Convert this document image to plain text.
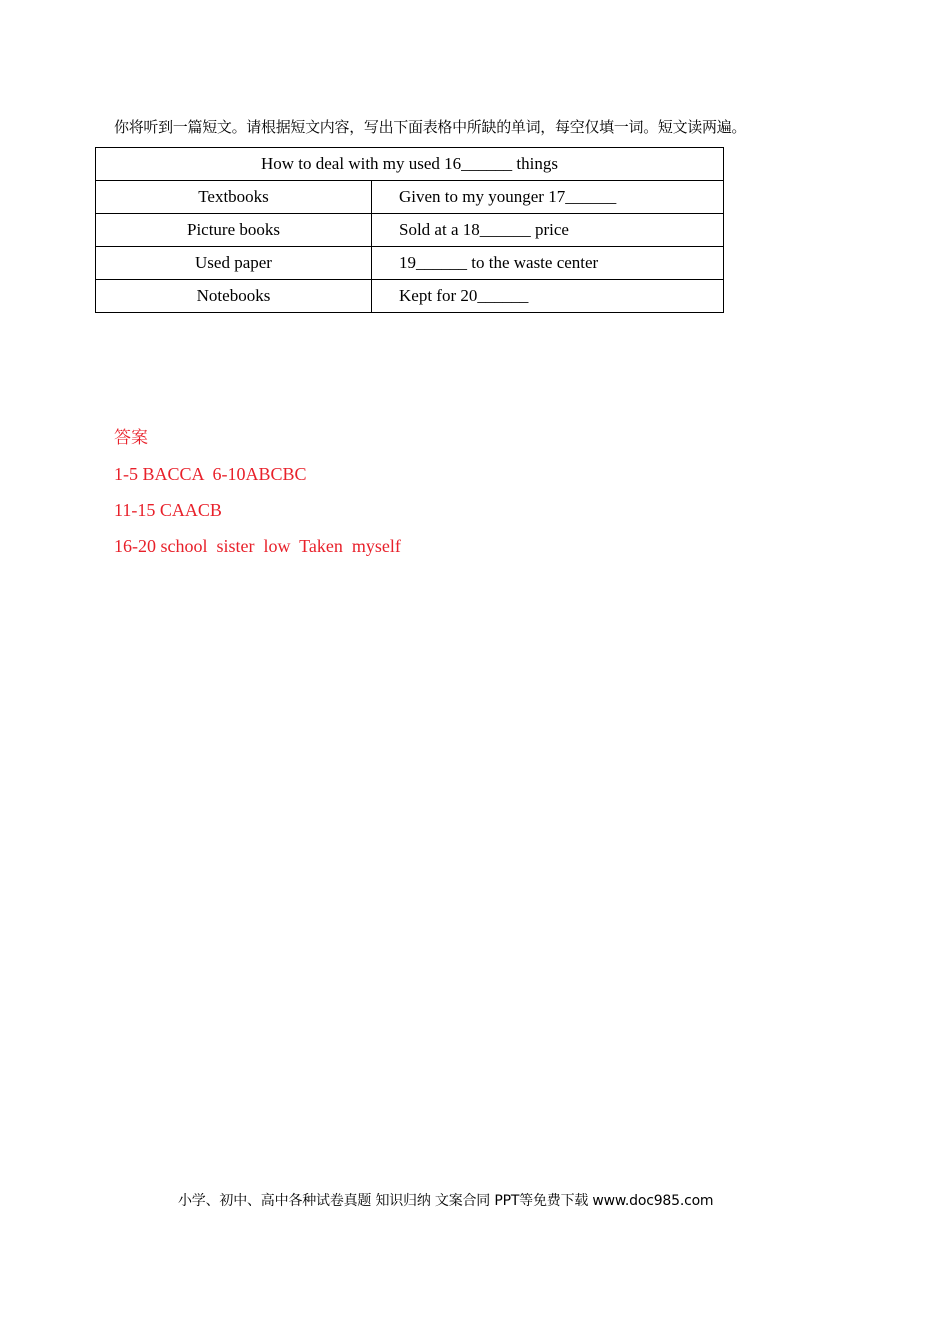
你将听到一篇短文。请根据短文内容，写出下面表格中所缺的单词，每空仅填一词。短文读两遍。
How to deal with my used 16______ things	
Textbooks	Given to my younger 17______
Picture books	Sold at a 18______ price
Used paper	19______ to the waste center
Notebooks	Kept for 20______
答案
1-5 BACCA  6-10ABCBC
11-15 CAACB
16-20 school  sister  low  Taken  myself
小学、初中、高中各种试卷真题 知识归纳 文案合同 PPT等免费下载 www.doc985.com
